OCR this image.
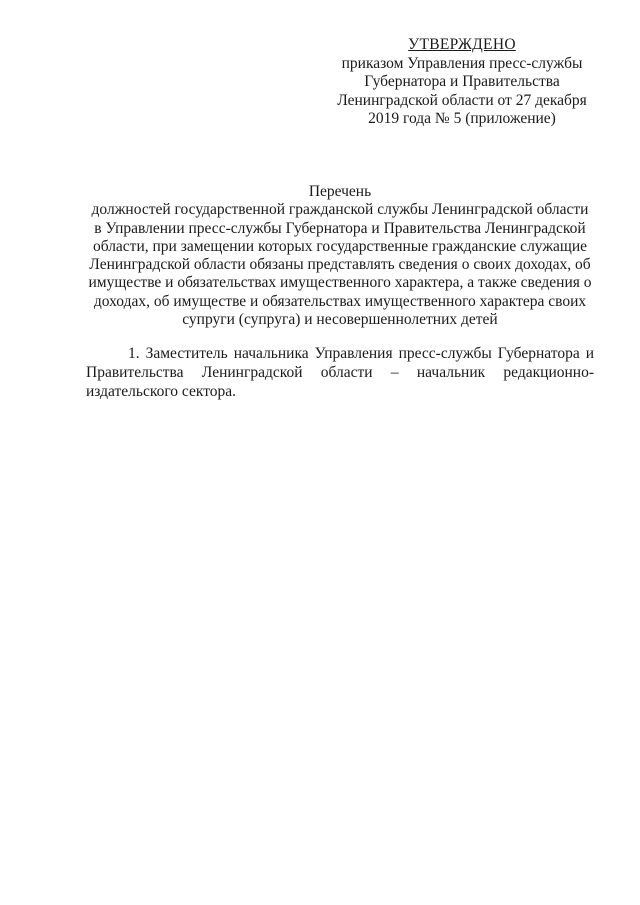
УТВЕРЖДЕНО
приказом Управления пресс-службы
Губернатора и Правительства
Ленинградской области от 27 декабря
2019 года № 5 (приложение)
Перечень
должностей государственной гражданской службы Ленинградской области в Управлении пресс-службы Губернатора и Правительства Ленинградской области, при замещении которых государственные гражданские служащие Ленинградской области обязаны представлять сведения о своих доходах, об имуществе и обязательствах имущественного характера, а также сведения о доходах, об имуществе и обязательствах имущественного характера своих супруги (супруга) и несовершеннолетних детей
1. Заместитель начальника Управления пресс-службы Губернатора и Правительства Ленинградской области – начальник редакционно-издательского сектора.
